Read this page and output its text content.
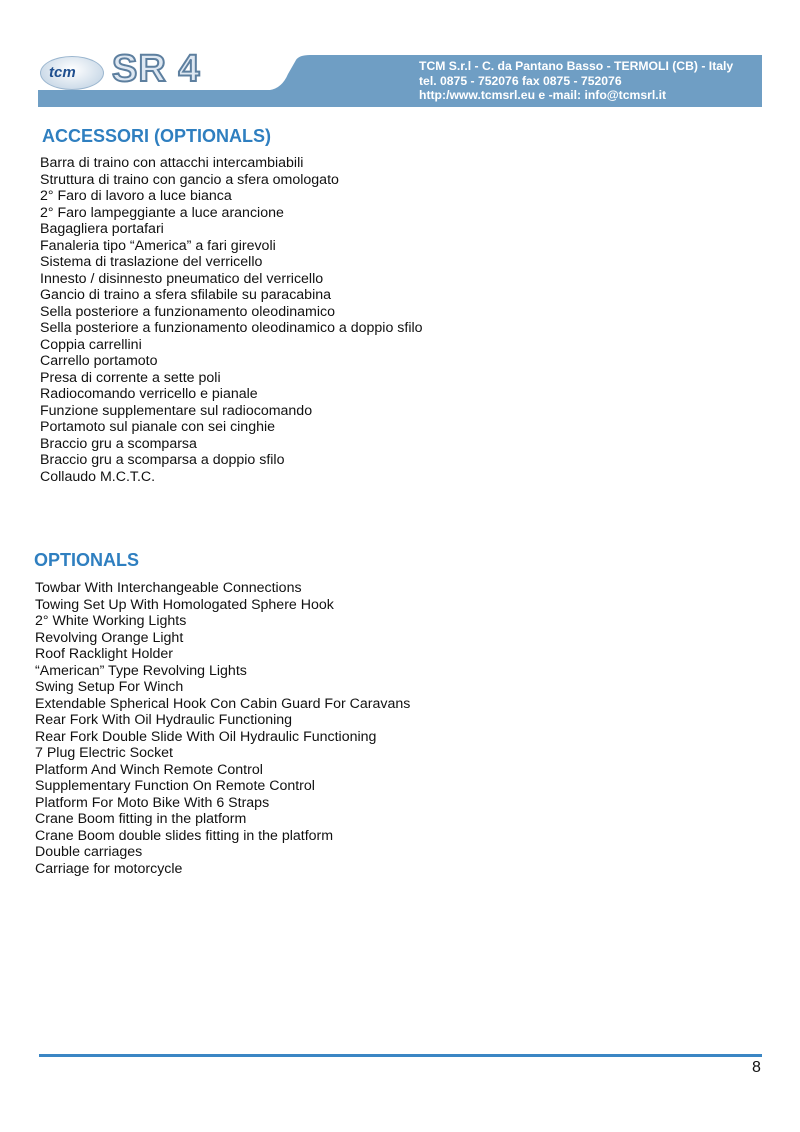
tcm SR 4	TCM S.r.l - C. da Pantano Basso - TERMOLI (CB) - Italy
tel. 0875 - 752076 fax 0875 - 752076
http:/www.tcmsrl.eu e -mail: info@tcmsrl.it
ACCESSORI (OPTIONALS)
Barra di traino con attacchi intercambiabili
Struttura di traino con gancio a sfera omologato
2° Faro di lavoro a luce bianca
2° Faro lampeggiante a luce arancione
Bagagliera portafari
Fanaleria tipo “America” a fari girevoli
Sistema di traslazione del verricello
Innesto / disinnesto pneumatico del verricello
Gancio di traino a sfera sfilabile su paracabina
Sella posteriore a funzionamento oleodinamico
Sella posteriore a funzionamento oleodinamico a doppio sfilo
Coppia carrellini
Carrello portamoto
Presa di corrente a sette poli
Radiocomando verricello e pianale
Funzione supplementare sul radiocomando
Portamoto sul pianale con sei cinghie
Braccio gru a scomparsa
Braccio gru a scomparsa a doppio sfilo
Collaudo M.C.T.C.
OPTIONALS
Towbar With Interchangeable Connections
Towing Set Up With Homologated Sphere Hook
2° White Working Lights
Revolving Orange Light
Roof Racklight Holder
“American” Type Revolving Lights
Swing Setup For Winch
Extendable Spherical Hook Con Cabin Guard For Caravans
Rear Fork With Oil Hydraulic Functioning
Rear Fork Double Slide With Oil Hydraulic Functioning
7 Plug Electric Socket
Platform And Winch Remote Control
Supplementary Function On Remote Control
Platform For Moto Bike With 6 Straps
Crane Boom fitting in the platform
Crane Boom double slides fitting in the platform
Double carriages
Carriage for motorcycle
8
